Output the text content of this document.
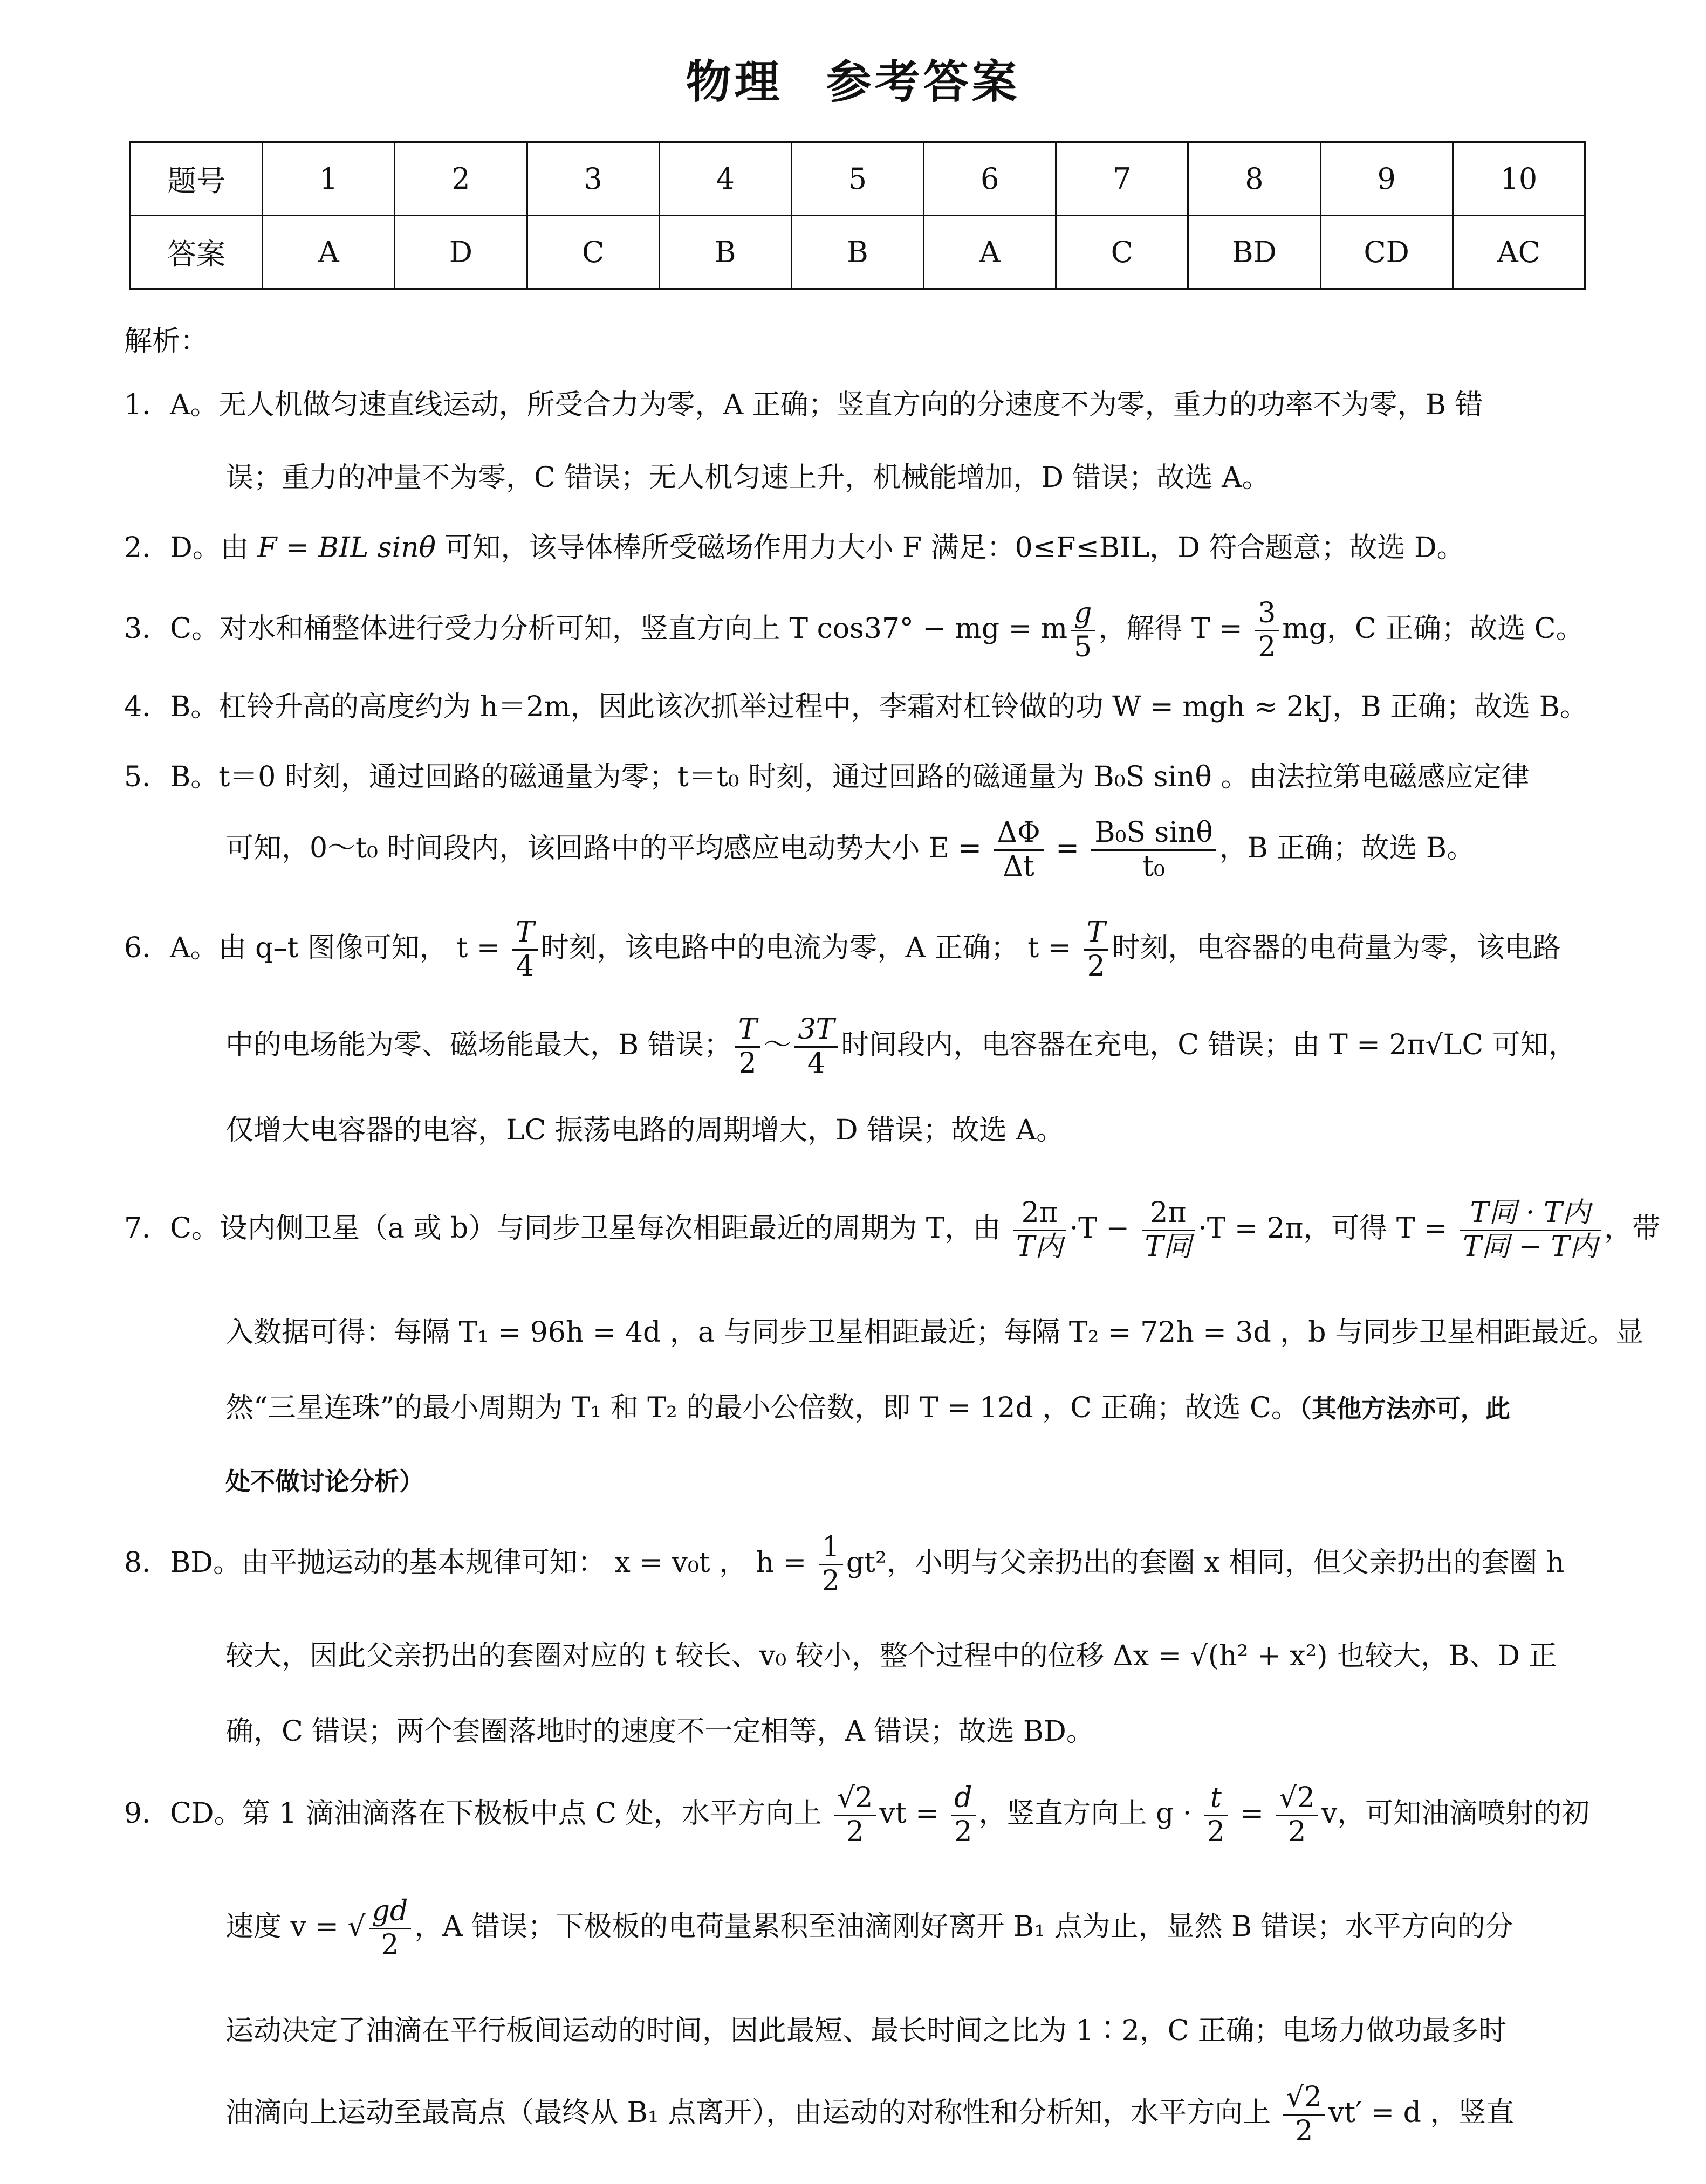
物理 参考答案
题号	1	2	3	4	5	6	7	8	9	10
答案	A	D	C	B	B	A	C	BD	CD	AC
解析：
1．A。无人机做匀速直线运动，所受合力为零，A 正确；竖直方向的分速度不为零，重力的功率不为零，B 错
误；重力的冲量不为零，C 错误；无人机匀速上升，机械能增加，D 错误；故选 A。
2．D。由 F = BIL sinθ 可知，该导体棒所受磁场作用力大小 F 满足：0≤F≤BIL，D 符合题意；故选 D。
3．C。对水和桶整体进行受力分析可知，竖直方向上 T cos37° − mg = m $\frac{g}{5}$ ，解得 $T = \frac{3}{2}$ mg，C 正确；故选 C。
4．B。杠铃升高的高度约为 h＝2m，因此该次抓举过程中，李霜对杠铃做的功 W = mgh ≈ 2kJ，B 正确；故选 B。
5．B。t＝0 时刻，通过回路的磁通量为零；t＝t₀ 时刻，通过回路的磁通量为 B₀S sinθ 。由法拉第电磁感应定律
可知，0～t₀ 时间段内，该回路中的平均感应电动势大小 $E = \frac{\Delta\Phi}{\Delta t} = \frac{\text{B₀S sinθ}}{\text{t₀}}$ ，B 正确；故选 B。
6．A。由 q–t 图像可知， $t = \frac{T}{4}$ 时刻，该电路中的电流为零，A 正确； $t = \frac{T}{2}$ 时刻，电容器的电荷量为零，该电路
中的电场能为零、磁场能最大，B 错误； $\frac{T}{2}$ ～ $\frac{3T}{4}$ 时间段内，电容器在充电，C 错误；由 T = 2π√LC 可知，
仅增大电容器的电容，LC 振荡电路的周期增大，D 错误；故选 A。
7．C。设内侧卫星（a 或 b）与同步卫星每次相距最近的周期为 T，由 $\frac{2\pi}{\text{T内}} \cdot T - \frac{2\pi}{\text{T同}} \cdot T = 2\pi$，可得 $T = \frac{\text{T同 · T内}}{\text{T同 − T内}}$ ，带
入数据可得：每隔 T₁ = 96h = 4d ，a 与同步卫星相距最近；每隔 T₂ = 72h = 3d ，b 与同步卫星相距最近。显
然“三星连珠”的最小周期为 T₁ 和 T₂ 的最小公倍数，即 T = 12d ，C 正确；故选 C。（其他方法亦可，此
处不做讨论分析）
8．BD。由平抛运动的基本规律可知： x = v₀t ， $h = \frac{1}{2} gt^2$，小明与父亲扔出的套圈 x 相同，但父亲扔出的套圈 h
较大，因此父亲扔出的套圈对应的 t 较长、v₀ 较小，整个过程中的位移 Δx = √(h² + x²) 也较大，B、D 正
确，C 错误；两个套圈落地时的速度不一定相等，A 错误；故选 BD。
9．CD。第 1 滴油滴落在下极板中点 C 处，水平方向上 $\frac{√2}{2}$ vt = $\frac{d}{2}$ ，竖直方向上 $g \cdot \frac{t}{2} = \frac{√2}{2}$ v，可知油滴喷射的初
速度 v = √ $\frac{gd}{2}$ ，A 错误；下极板的电荷量累积至油滴刚好离开 B₁ 点为止，显然 B 错误；水平方向的分
运动决定了油滴在平行板间运动的时间，因此最短、最长时间之比为 1∶2，C 正确；电场力做功最多时
油滴向上运动至最高点（最终从 B₁ 点离开），由运动的对称性和分析知，水平方向上 $\frac{√2}{2} vt' = d$ ，竖直
